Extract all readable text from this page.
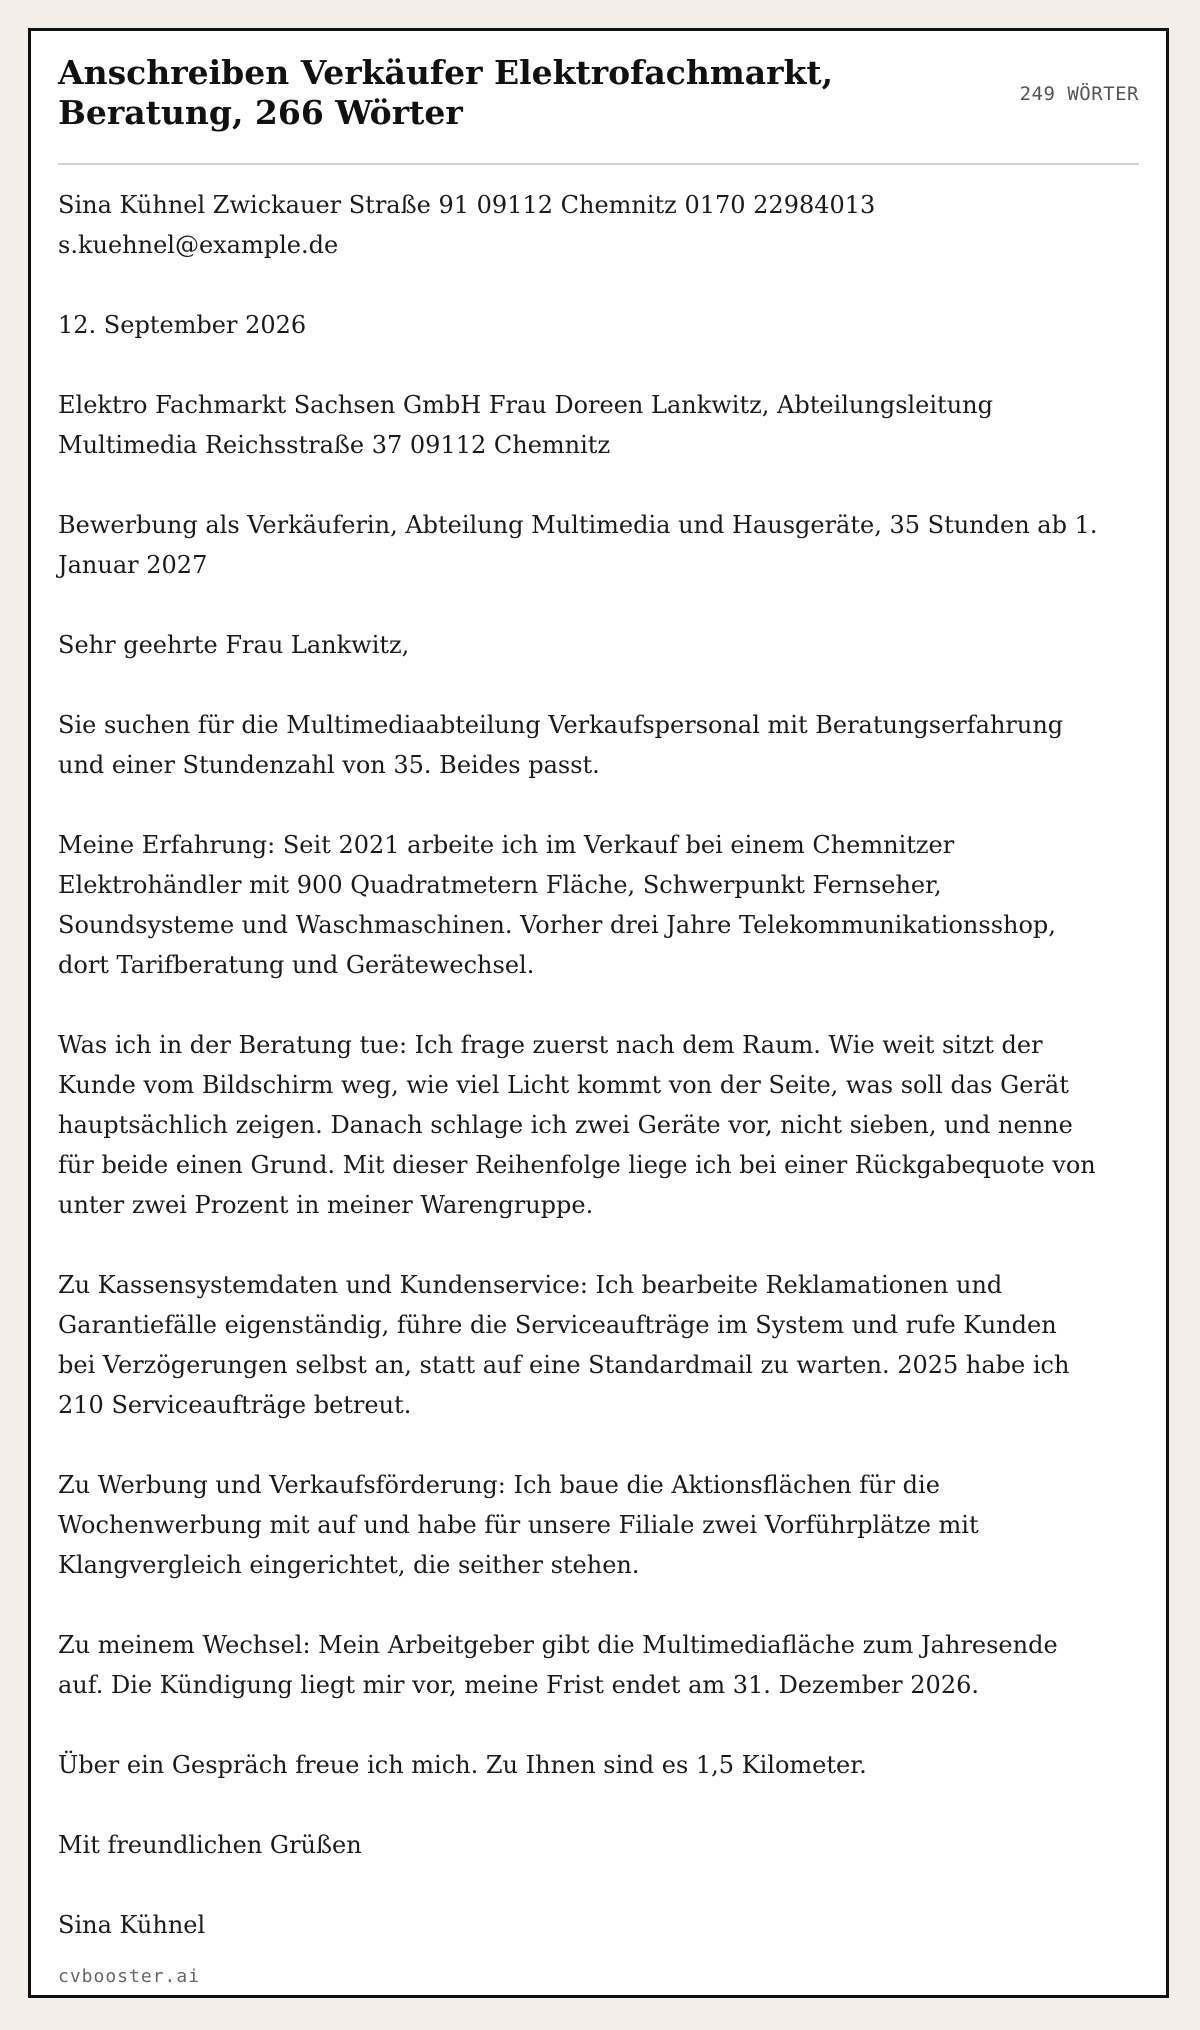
Anschreiben Verkäufer Elektrofachmarkt, Beratung, 266 Wörter	249 WÖRTER

Sina Kühnel Zwickauer Straße 91 09112 Chemnitz 0170 22984013 s.kuehnel@example.de

12. September 2026

Elektro Fachmarkt Sachsen GmbH Frau Doreen Lankwitz, Abteilungsleitung Multimedia Reichsstraße 37 09112 Chemnitz

Bewerbung als Verkäuferin, Abteilung Multimedia und Hausgeräte, 35 Stunden ab 1. Januar 2027

Sehr geehrte Frau Lankwitz,

Sie suchen für die Multimediaabteilung Verkaufspersonal mit Beratungserfahrung und einer Stundenzahl von 35. Beides passt.

Meine Erfahrung: Seit 2021 arbeite ich im Verkauf bei einem Chemnitzer Elektrohändler mit 900 Quadratmetern Fläche, Schwerpunkt Fernseher, Soundsysteme und Waschmaschinen. Vorher drei Jahre Telekommunikationsshop, dort Tarifberatung und Gerätewechsel.

Was ich in der Beratung tue: Ich frage zuerst nach dem Raum. Wie weit sitzt der Kunde vom Bildschirm weg, wie viel Licht kommt von der Seite, was soll das Gerät hauptsächlich zeigen. Danach schlage ich zwei Geräte vor, nicht sieben, und nenne für beide einen Grund. Mit dieser Reihenfolge liege ich bei einer Rückgabequote von unter zwei Prozent in meiner Warengruppe.

Zu Kassensystemdaten und Kundenservice: Ich bearbeite Reklamationen und Garantiefälle eigenständig, führe die Serviceaufträge im System und rufe Kunden bei Verzögerungen selbst an, statt auf eine Standardmail zu warten. 2025 habe ich 210 Serviceaufträge betreut.

Zu Werbung und Verkaufsförderung: Ich baue die Aktionsflächen für die Wochenwerbung mit auf und habe für unsere Filiale zwei Vorführplätze mit Klangvergleich eingerichtet, die seither stehen.

Zu meinem Wechsel: Mein Arbeitgeber gibt die Multimediafläche zum Jahresende auf. Die Kündigung liegt mir vor, meine Frist endet am 31. Dezember 2026.

Über ein Gespräch freue ich mich. Zu Ihnen sind es 1,5 Kilometer.

Mit freundlichen Grüßen

Sina Kühnel

cvbooster.ai
